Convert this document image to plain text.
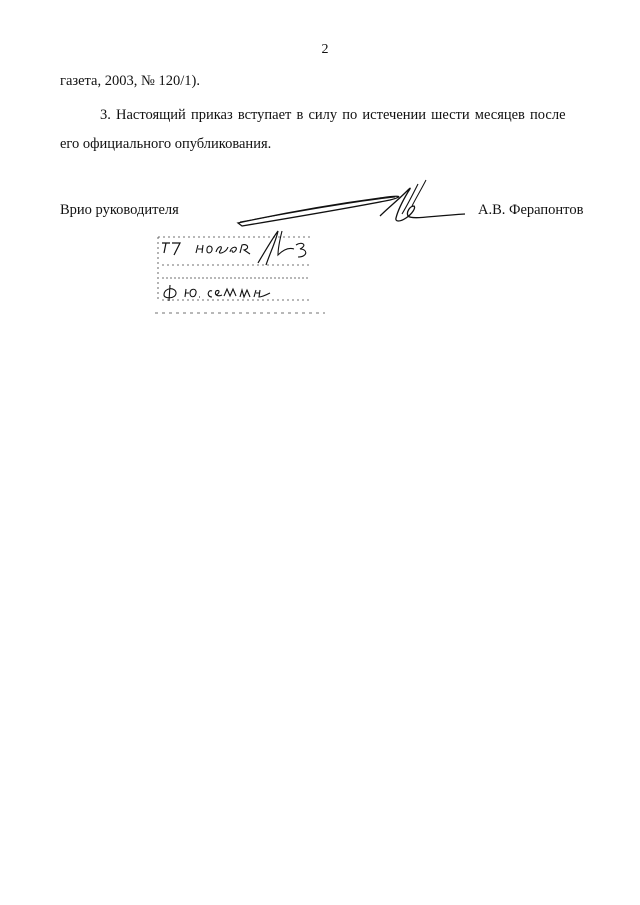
2
газета, 2003, № 120/1).
3. Настоящий приказ вступает в силу по истечении шести месяцев после
его официального опубликования.
Врио руководителя	А.В. Ферапонтов
